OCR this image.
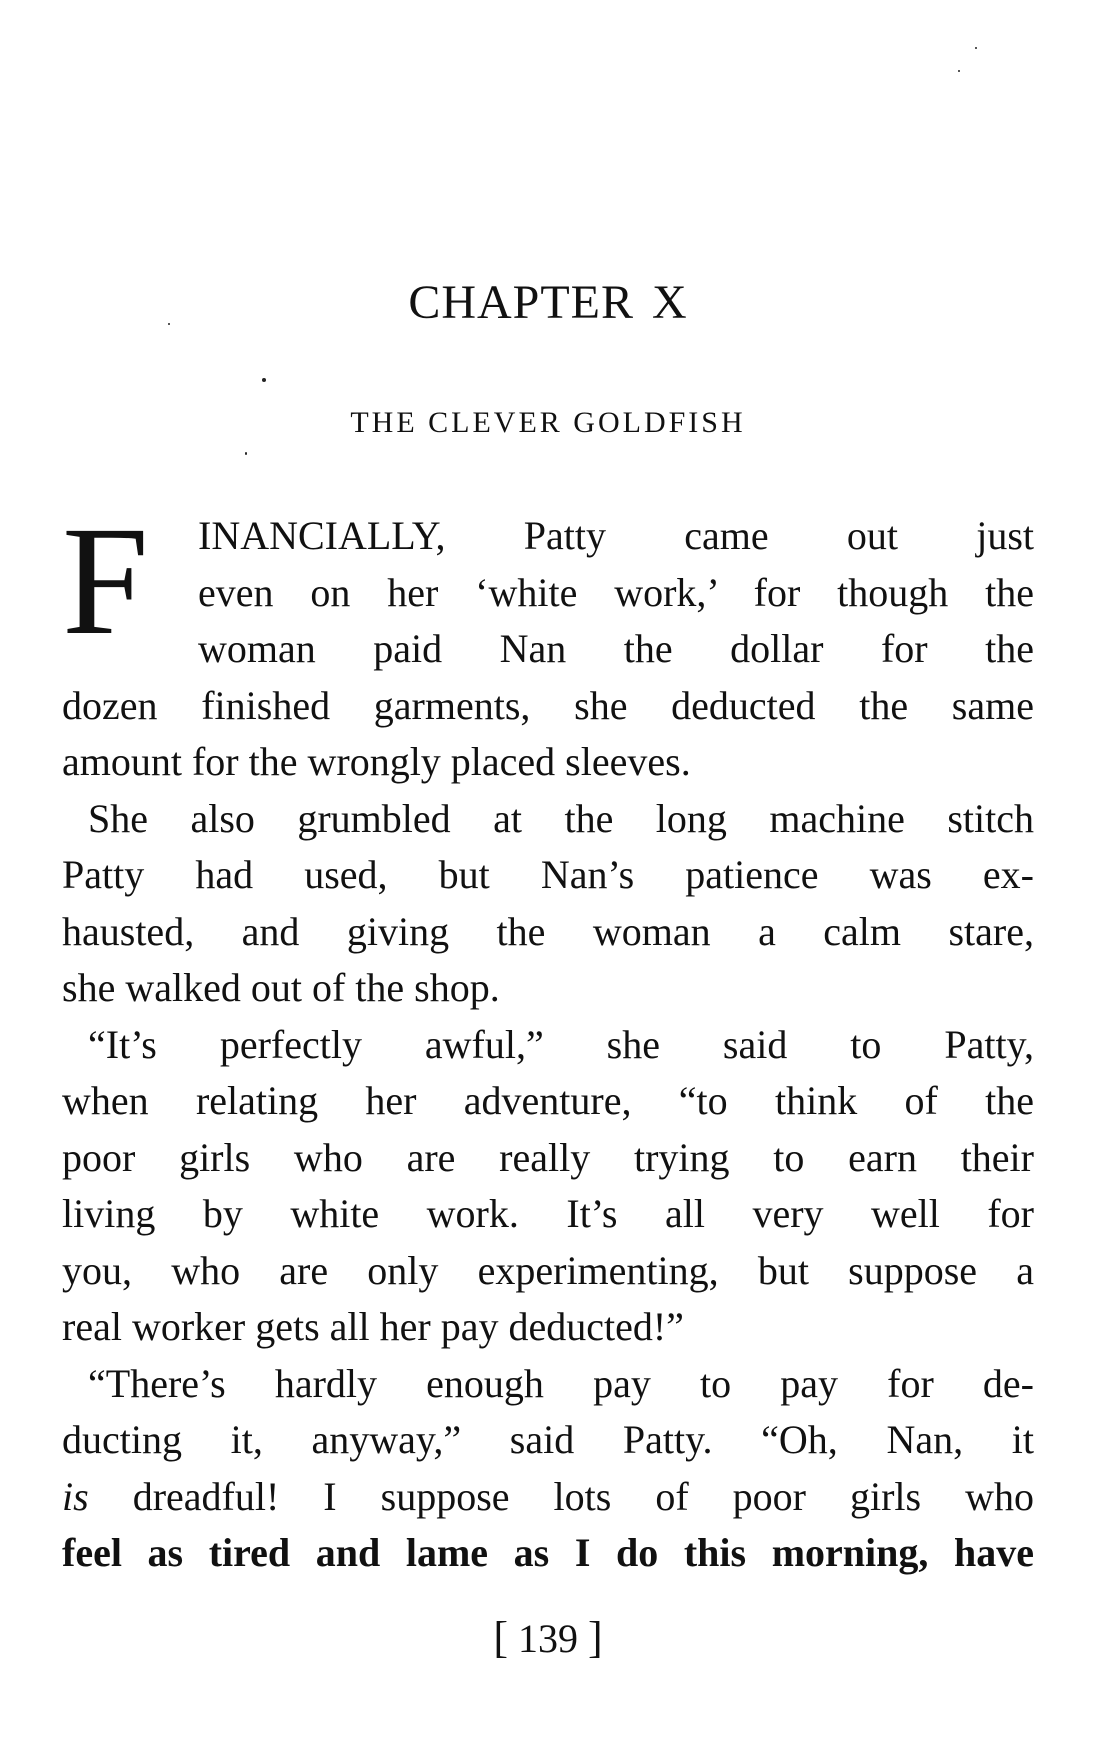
CHAPTER X
THE CLEVER GOLDFISH
F	INANCIALLY, Patty came out just
even on her ‘white work,’ for though the
woman paid Nan the dollar for the
dozen finished garments, she deducted the same
amount for the wrongly placed sleeves.
She also grumbled at the long machine stitch
Patty had used, but Nan’s patience was ex-
hausted, and giving the woman a calm stare,
she walked out of the shop.
“It’s perfectly awful,” she said to Patty,
when relating her adventure, “to think of the
poor girls who are really trying to earn their
living by white work. It’s all very well for
you, who are only experimenting, but suppose a
real worker gets all her pay deducted!”
“There’s hardly enough pay to pay for de-
ducting it, anyway,” said Patty. “Oh, Nan, it
is dreadful! I suppose lots of poor girls who
feel as tired and lame as I do this morning, have
[ 139 ]
